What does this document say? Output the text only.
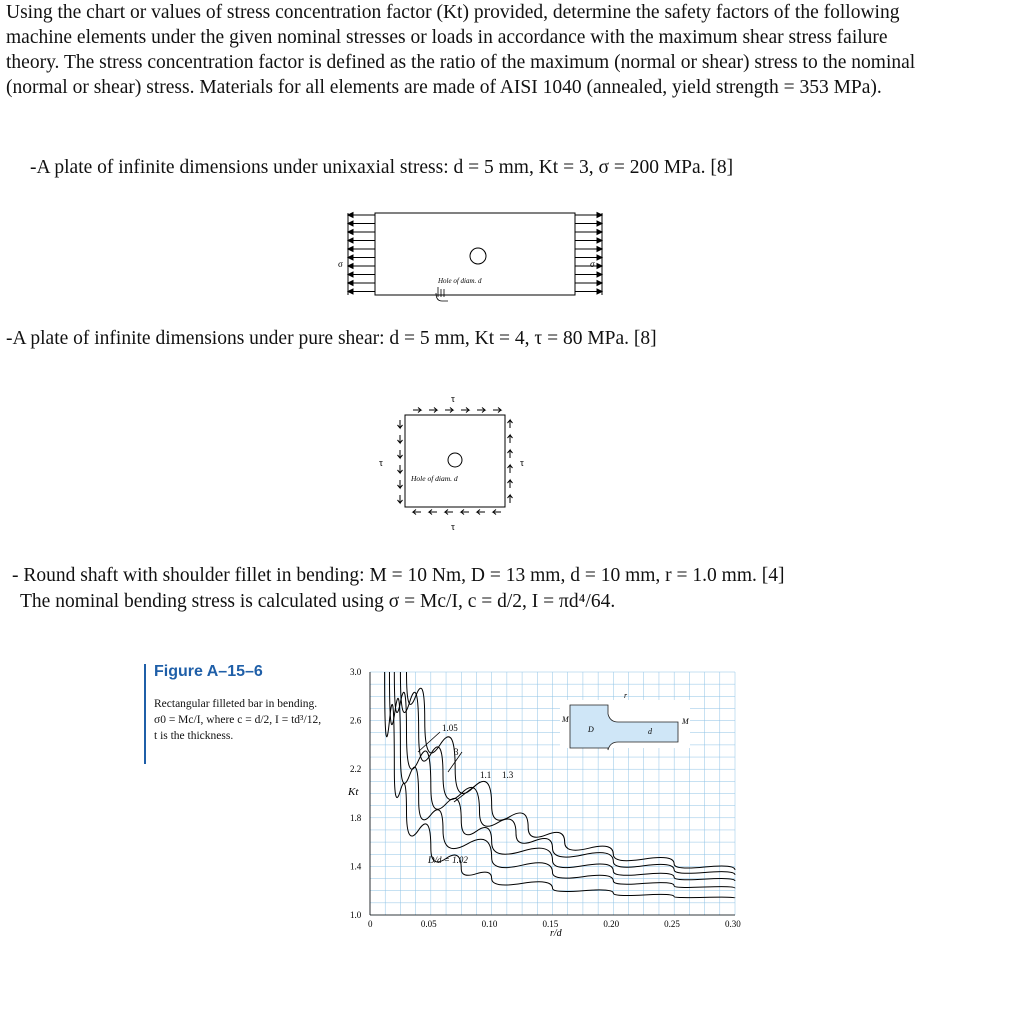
Using the chart or values of stress concentration factor (Kt) provided, determine the safety factors of the following machine elements under the given nominal stresses or loads in accordance with the maximum shear stress failure theory. The stress concentration factor is defined as the ratio of the maximum (normal or shear) stress to the nominal (normal or shear) stress. Materials for all elements are made of AISI 1040 (annealed, yield strength = 353 MPa).
-A plate of infinite dimensions under unixaxial stress: d = 5 mm, Kt = 3, σ = 200 MPa. [8]
σ	σ
Hole of diam. d
-A plate of infinite dimensions under pure shear: d = 5 mm, Kt = 4, τ = 80 MPa. [8]
τ
τ
τ	τ
Hole of diam. d
- Round shaft with shoulder fillet in bending: M = 10 Nm, D = 13 mm, d = 10 mm, r = 1.0 mm. [4]
The nominal bending stress is calculated using σ = Mc/I, c = d/2, I = πd⁴/64.
Figure A–15–6
Rectangular filleted bar in bending. σ0 = Mc/I, where c = d/2, I = td³/12, t is the thickness.
0	0.05	0.10	0.15	0.20	0.25	0.30
1.0
1.4
1.8
2.2
2.6
3.0
Kt
r/d
1.05
3
1.1 1.3
D/d = 1.02
M
D	d
M
r
